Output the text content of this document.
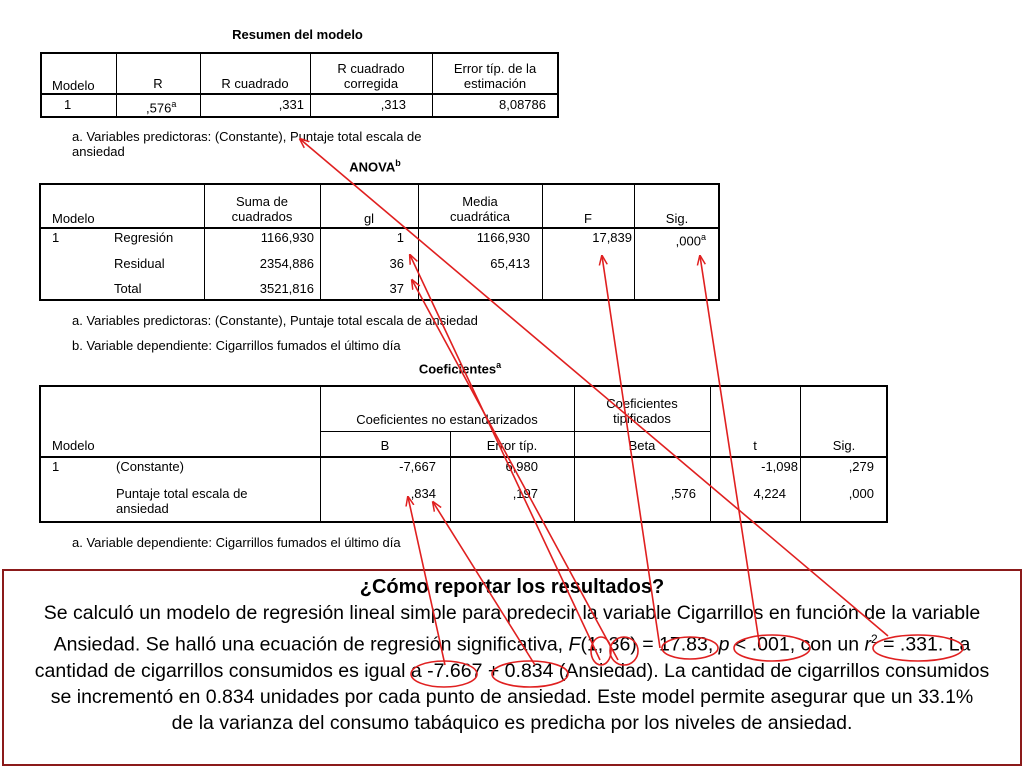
Resumen del modelo
Modelo	R	R cuadrado
R cuadrado
corregida
Error típ. de la
estimación
1	,576$^a$	,331	,313	8,08786
a. Variables predictoras: (Constante), Puntaje total escala de
ansiedad
ANOVA$^b$
Modelo
Suma de
cuadrados	gl
Media
cuadrática	F	Sig.
1	Regresión	1166,930	1	1166,930	17,839	,000$^a$
Residual	2354,886	36	65,413
Total	3521,816	37
a. Variables predictoras: (Constante), Puntaje total escala de ansiedad
b. Variable dependiente: Cigarrillos fumados el último día
Coeficientes$^a$
Modelo
Coeficientes no estandarizados
Coeficientes
tipificados
B	Error típ.	Beta	t	Sig.
1	(Constante)	-7,667	6,980	-1,098	,279
Puntaje total escala de
ansiedad
,834	,197	,576	4,224	,000
a. Variable dependiente: Cigarrillos fumados el último día
¿Cómo reportar los resultados?
Se calculó un modelo de regresión lineal simple para predecir la variable Cigarrillos en función de la variable
Ansiedad. Se halló una ecuación de regresión significativa, F(1, 36) = 17.83, p < .001, con un $r^2 = .331$. La
cantidad de cigarrillos consumidos es igual a -7.667 + 0.834 (Ansiedad). La cantidad de cigarrillos consumidos
se incrementó en 0.834 unidades por cada punto de ansiedad. Este model permite asegurar que un 33.1%
de la varianza del consumo tabáquico es predicha por los niveles de ansiedad.
